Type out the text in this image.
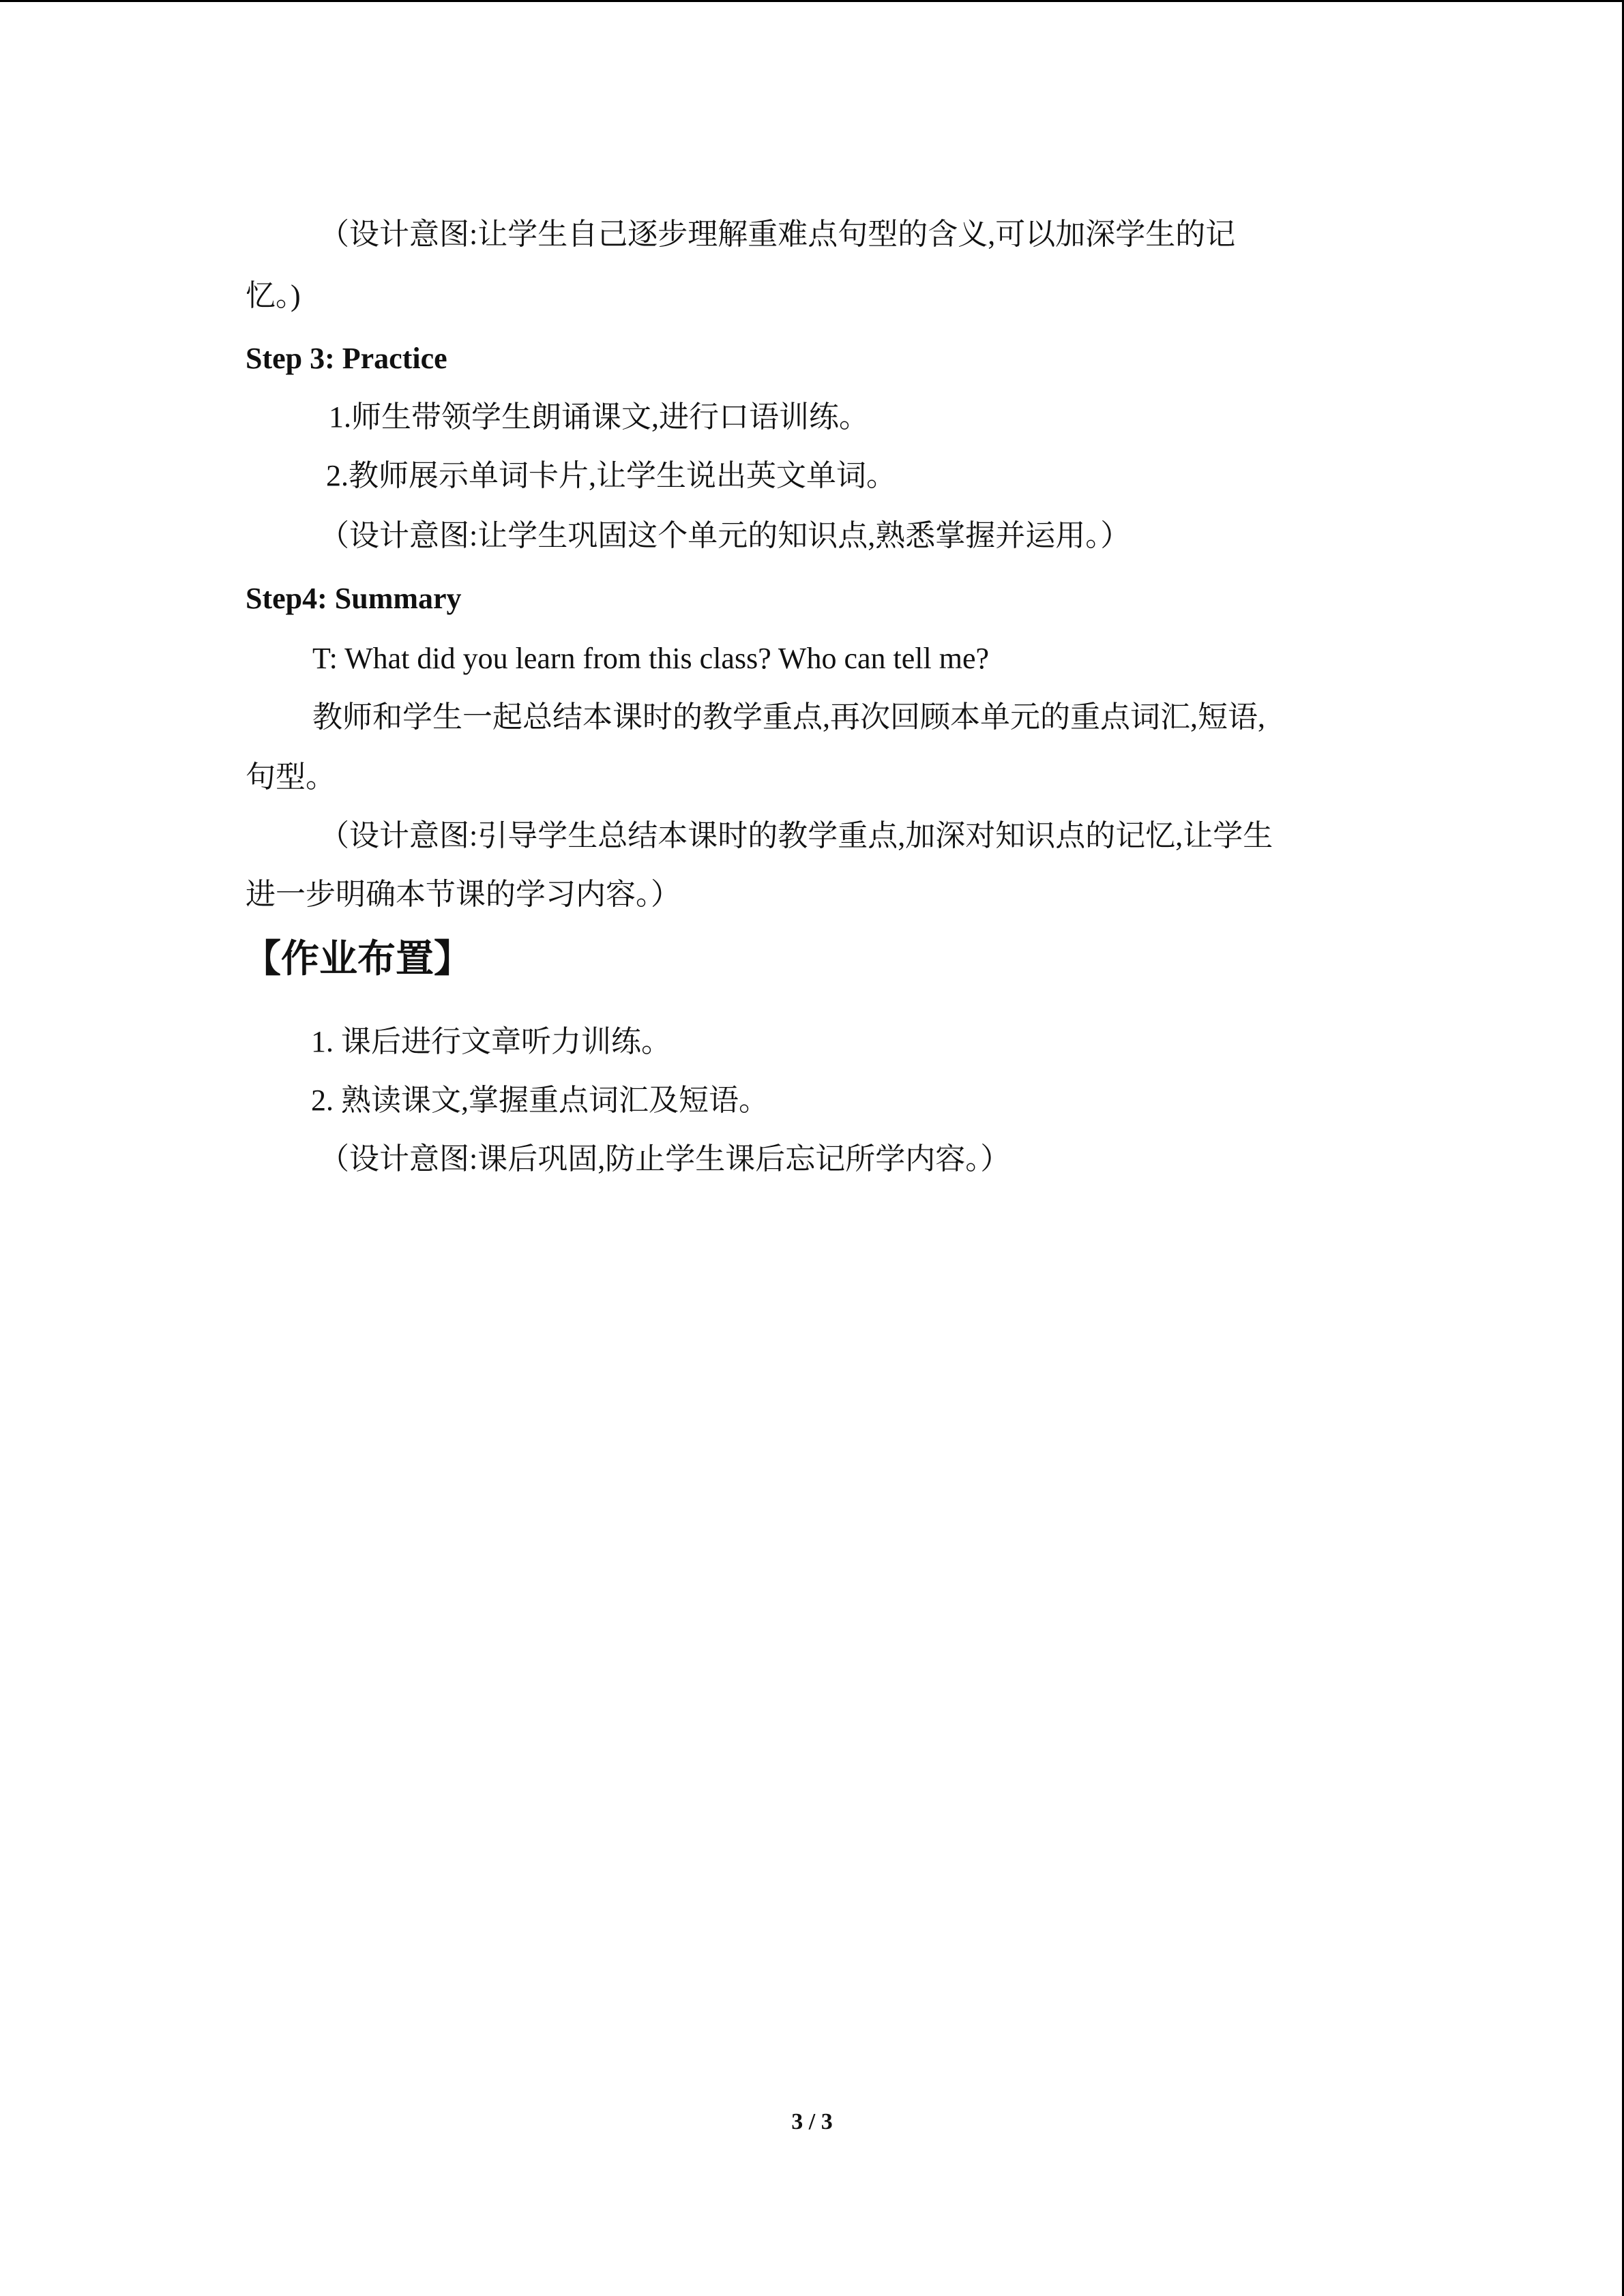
（设计意图:让学生自己逐步理解重难点句型的含义,可以加深学生的记
忆。)
Step 3: Practice
1.师生带领学生朗诵课文,进行口语训练。
2.教师展示单词卡片,让学生说出英文单词。
（设计意图:让学生巩固这个单元的知识点,熟悉掌握并运用。）
Step4: Summary
T: What did you learn from this class? Who can tell me?
教师和学生一起总结本课时的教学重点,再次回顾本单元的重点词汇,短语,
句型。
（设计意图:引导学生总结本课时的教学重点,加深对知识点的记忆,让学生
进一步明确本节课的学习内容。）
【作业布置】
1. 课后进行文章听力训练。
2. 熟读课文,掌握重点词汇及短语。
（设计意图:课后巩固,防止学生课后忘记所学内容。）
3 / 3
